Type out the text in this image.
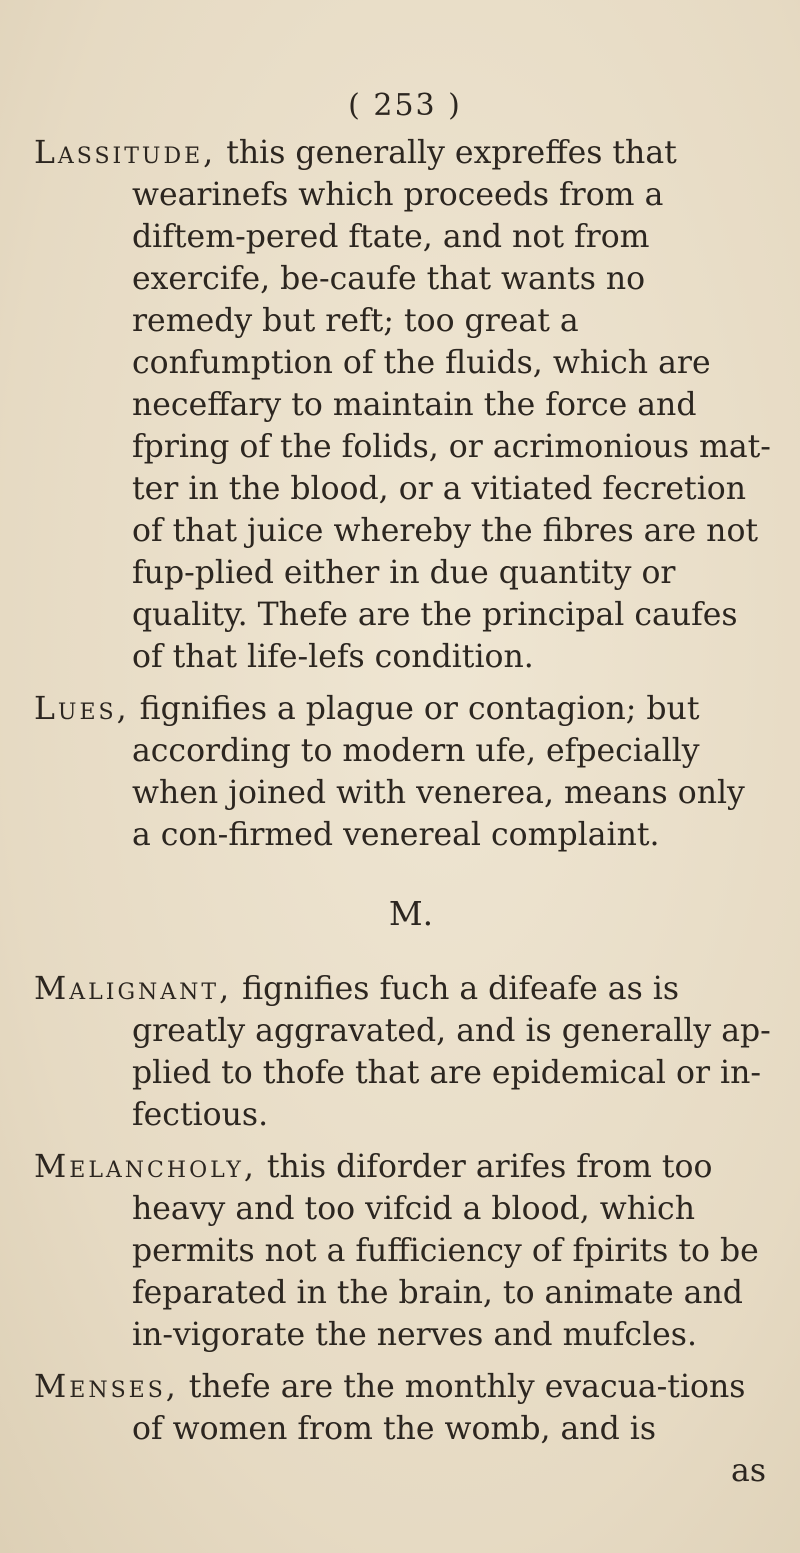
( 253 )

Lassitude, this generally expreffes that wearinefs which proceeds from a diftem-pered ftate, and not from exercife, be-caufe that wants no remedy but reft; too great a confumption of the fluids, which are neceffary to maintain the force and fpring of the folids, or acrimonious mat-ter in the blood, or a vitiated fecretion of that juice whereby the fibres are not fup-plied either in due quantity or quality. Thefe are the principal caufes of that life-lefs condition.

Lues, fignifies a plague or contagion; but according to modern ufe, efpecially when joined with venerea, means only a con-firmed venereal complaint.

M.

Malignant, fignifies fuch a difeafe as is greatly aggravated, and is generally ap-plied to thofe that are epidemical or in-fectious.

Melancholy, this diforder arifes from too heavy and too vifcid a blood, which permits not a fufficiency of fpirits to be feparated in the brain, to animate and in-vigorate the nerves and mufcles.

Menses, thefe are the monthly evacua-tions of women from the womb, and is

as
